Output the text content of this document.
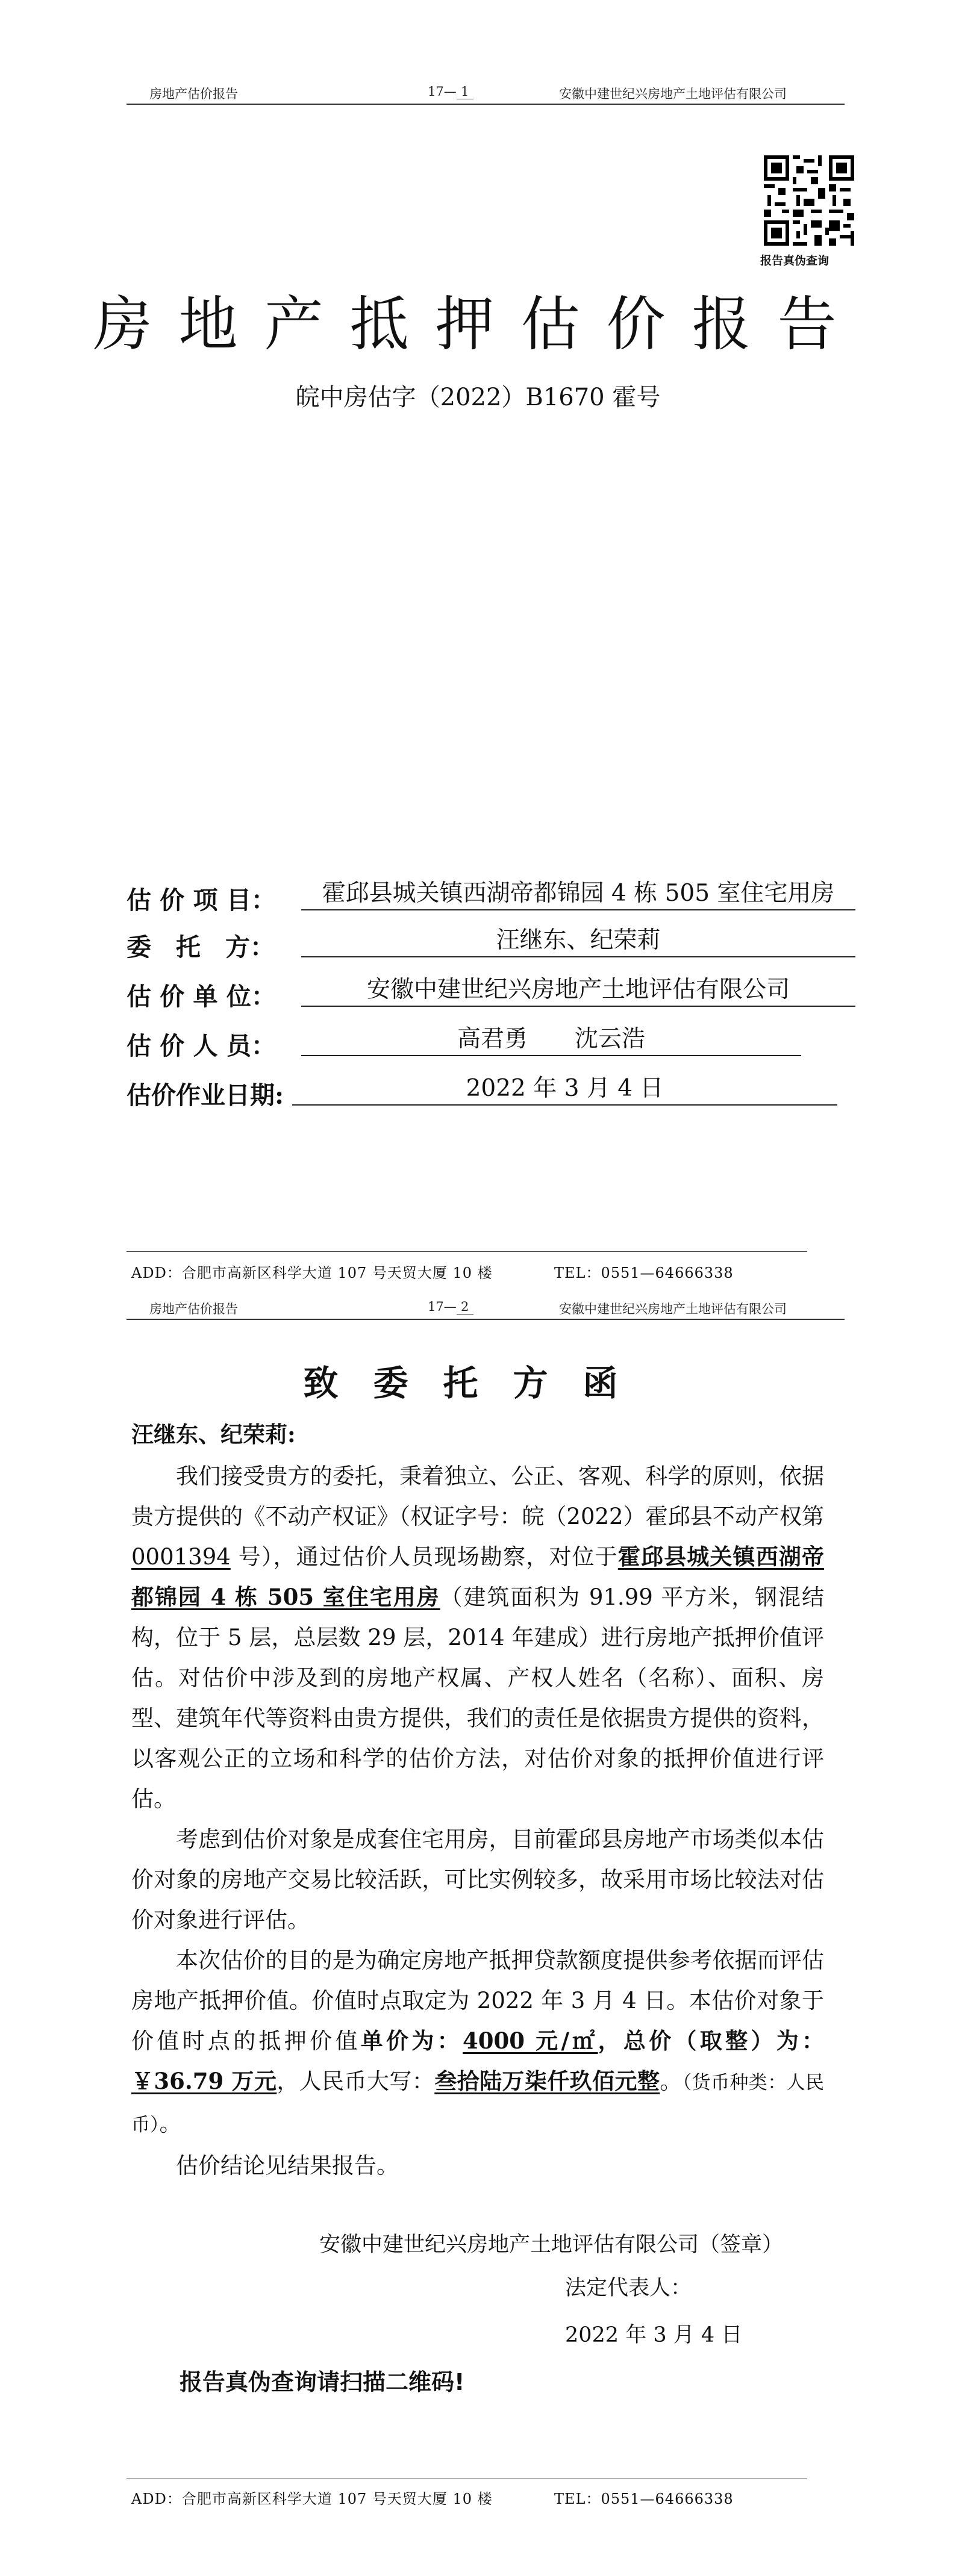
房地产估价报告	17— 1	安徽中建世纪兴房地产土地评估有限公司
报告真伪查询
房地产抵押估价报告
皖中房估字（2022）B1670 霍号
估 价 项 目：	霍邱县城关镇西湖帝都锦园 4 栋 505 室住宅用房
委　托　方：	汪继东、纪荣莉
估 价 单 位：	安徽中建世纪兴房地产土地评估有限公司
估 价 人 员：	高君勇　　沈云浩
估价作业日期:	2022 年 3 月 4 日
ADD：合肥市高新区科学大道 107 号天贸大厦 10 楼	TEL：0551—64666338
房地产估价报告	17— 2	安徽中建世纪兴房地产土地评估有限公司
致委托方函
汪继东、纪荣莉:

我们接受贵方的委托，秉着独立、公正、客观、科学的原则，依据贵方提供的《不动产权证》（权证字号：皖（2022）霍邱县不动产权第 0001394 号），通过估价人员现场勘察，对位于霍邱县城关镇西湖帝都锦园 4 栋 505 室住宅用房（建筑面积为 91.99 平方米，钢混结构，位于 5 层，总层数 29 层，2014 年建成）进行房地产抵押价值评估。对估价中涉及到的房地产权属、产权人姓名（名称）、面积、房型、建筑年代等资料由贵方提供，我们的责任是依据贵方提供的资料，以客观公正的立场和科学的估价方法，对估价对象的抵押价值进行评估。

考虑到估价对象是成套住宅用房，目前霍邱县房地产市场类似本估价对象的房地产交易比较活跃，可比实例较多，故采用市场比较法对估价对象进行评估。

本次估价的目的是为确定房地产抵押贷款额度提供参考依据而评估房地产抵押价值。价值时点取定为 2022 年 3 月 4 日。本估价对象于价值时点的抵押价值单价为：4000 元/㎡，总价（取整）为：￥36.79 万元，人民币大写：叁拾陆万柒仟玖佰元整。（货币种类：人民币）。

估价结论见结果报告。

安徽中建世纪兴房地产土地评估有限公司（签章）
法定代表人：
2022 年 3 月 4 日
报告真伪查询请扫描二维码!
ADD：合肥市高新区科学大道 107 号天贸大厦 10 楼	TEL：0551—64666338
